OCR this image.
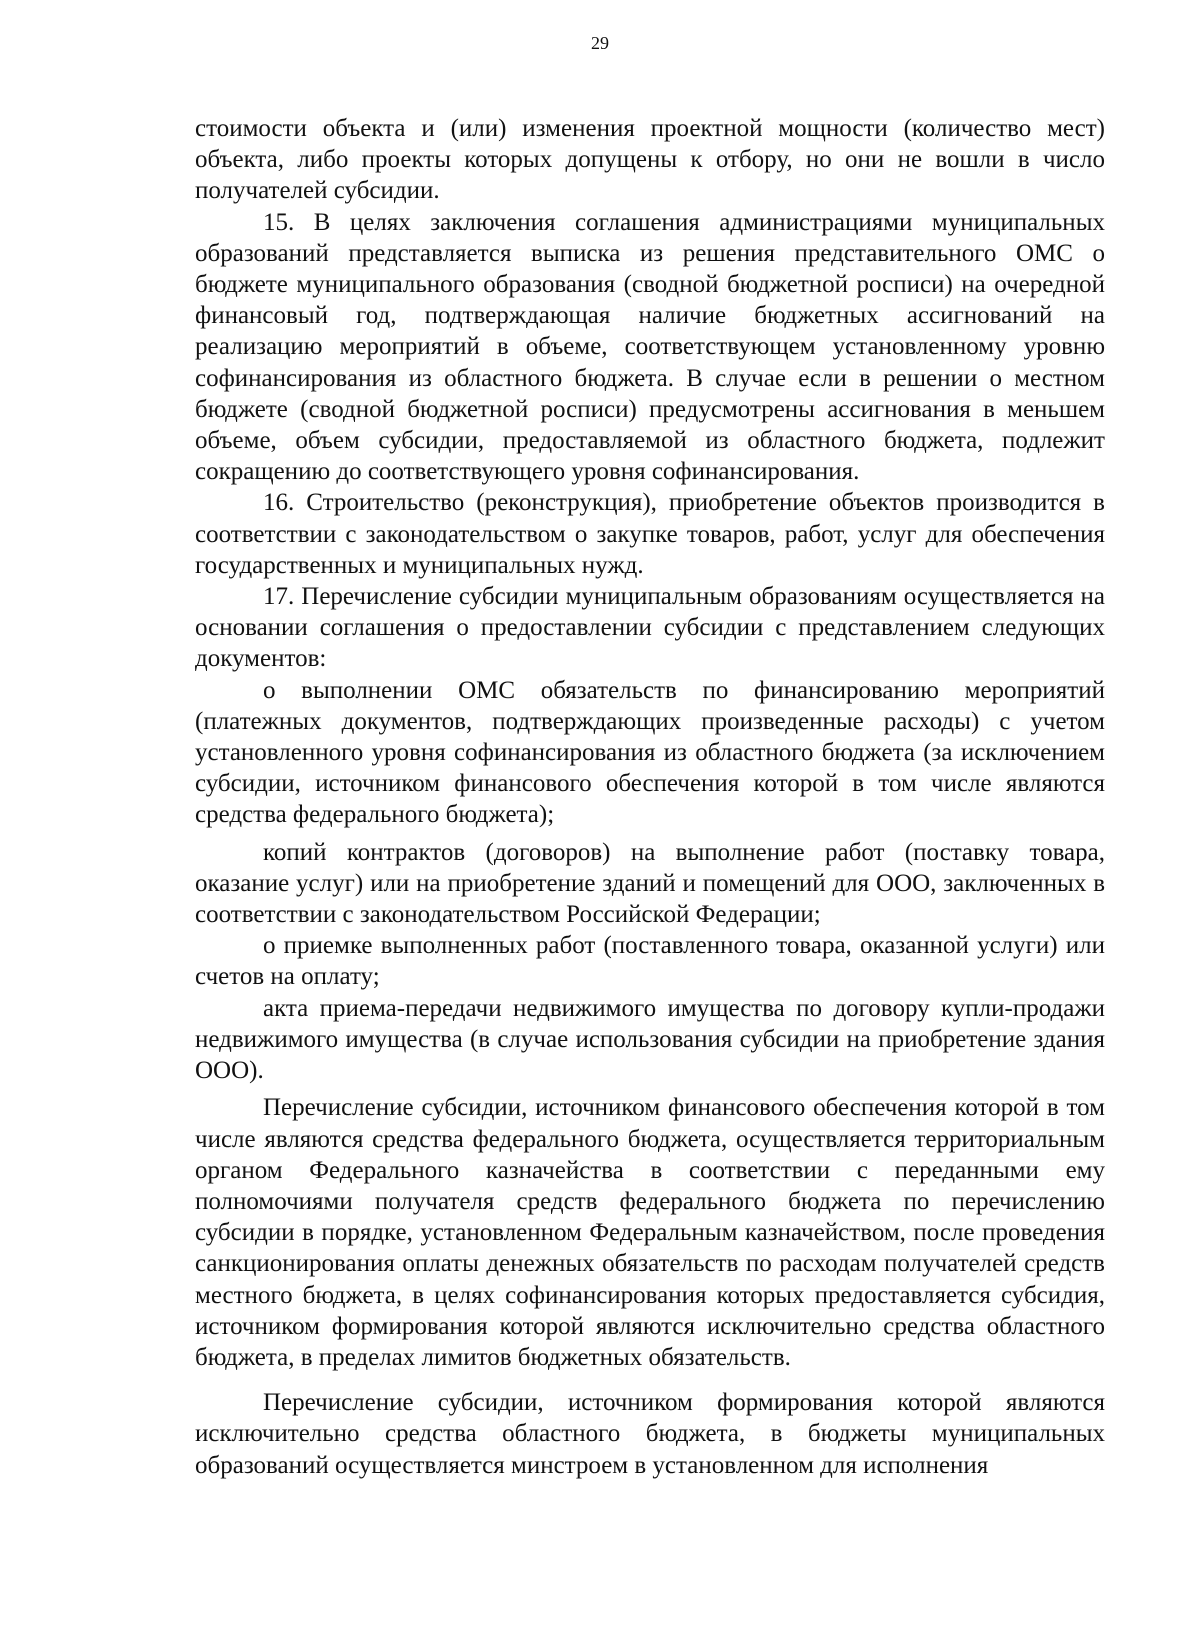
29

стоимости объекта и (или) изменения проектной мощности (количество мест) объекта, либо проекты которых допущены к отбору, но они не вошли в число получателей субсидии.

15. В целях заключения соглашения администрациями муниципальных образований представляется выписка из решения представительного ОМС о бюджете муниципального образования (сводной бюджетной росписи) на очередной финансовый год, подтверждающая наличие бюджетных ассигнований на реализацию мероприятий в объеме, соответствующем установленному уровню софинансирования из областного бюджета. В случае если в решении о местном бюджете (сводной бюджетной росписи) предусмотрены ассигнования в меньшем объеме, объем субсидии, предоставляемой из областного бюджета, подлежит сокращению до соответствующего уровня софинансирования.

16. Строительство (реконструкция), приобретение объектов производится в соответствии с законодательством о закупке товаров, работ, услуг для обеспечения государственных и муниципальных нужд.

17. Перечисление субсидии муниципальным образованиям осуществляется на основании соглашения о предоставлении субсидии с представлением следующих документов:

о выполнении ОМС обязательств по финансированию мероприятий (платежных документов, подтверждающих произведенные расходы) с учетом установленного уровня софинансирования из областного бюджета (за исключением субсидии, источником финансового обеспечения которой в том числе являются средства федерального бюджета);

копий контрактов (договоров) на выполнение работ (поставку товара, оказание услуг) или на приобретение зданий и помещений для ООО, заключенных в соответствии с законодательством Российской Федерации;

о приемке выполненных работ (поставленного товара, оказанной услуги) или счетов на оплату;

акта приема-передачи недвижимого имущества по договору купли-продажи недвижимого имущества (в случае использования субсидии на приобретение здания ООО).

Перечисление субсидии, источником финансового обеспечения которой в том числе являются средства федерального бюджета, осуществляется территориальным органом Федерального казначейства в соответствии с переданными ему полномочиями получателя средств федерального бюджета по перечислению субсидии в порядке, установленном Федеральным казначейством, после проведения санкционирования оплаты денежных обязательств по расходам получателей средств местного бюджета, в целях софинансирования которых предоставляется субсидия, источником формирования которой являются исключительно средства областного бюджета, в пределах лимитов бюджетных обязательств.

Перечисление субсидии, источником формирования которой являются исключительно средства областного бюджета, в бюджеты муниципальных образований осуществляется минстроем в установленном для исполнения
